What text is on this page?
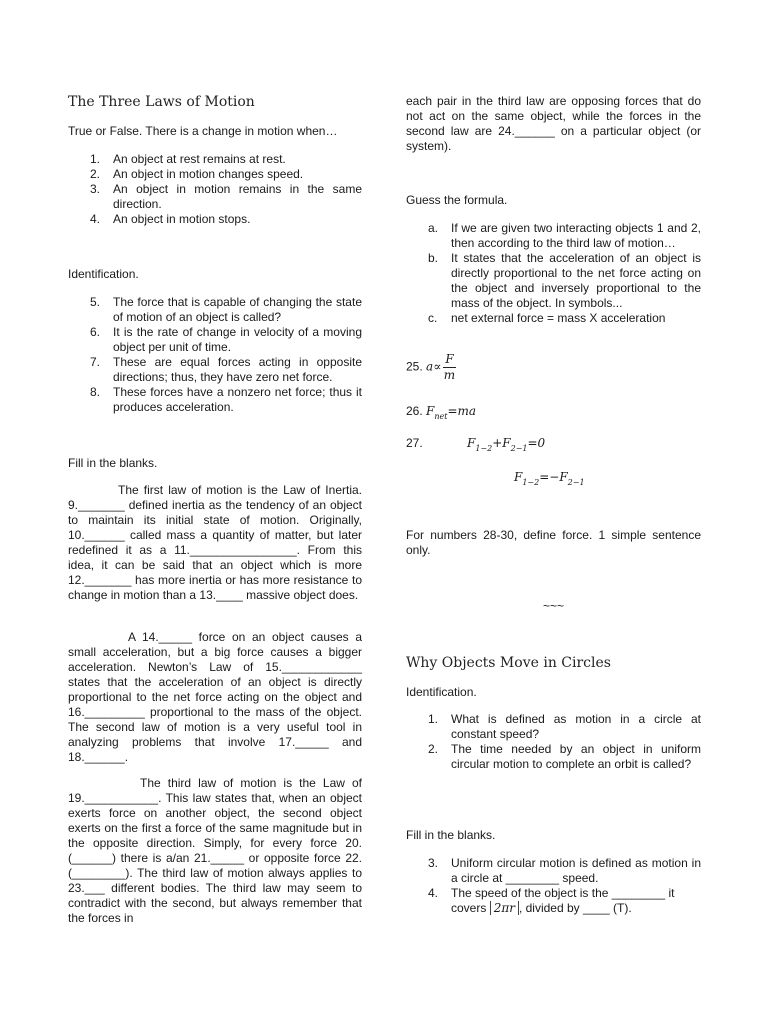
The Three Laws of Motion
True or False. There is a change in motion when…
1. An object at rest remains at rest.
2. An object in motion changes speed.
3. An object in motion remains in the same direction.
4. An object in motion stops.
Identification.
5. The force that is capable of changing the state of motion of an object is called?
6. It is the rate of change in velocity of a moving object per unit of time.
7. These are equal forces acting in opposite directions; thus, they have zero net force.
8. These forces have a nonzero net force; thus it produces acceleration.
Fill in the blanks.
The first law of motion is the Law of Inertia. 9._______ defined inertia as the tendency of an object to maintain its initial state of motion. Originally, 10.______ called mass a quantity of matter, but later redefined it as a 11.________________. From this idea, it can be said that an object which is more 12._______ has more inertia or has more resistance to change in motion than a 13.____ massive object does.
A 14._____ force on an object causes a small acceleration, but a big force causes a bigger acceleration. Newton’s Law of 15.____________ states that the acceleration of an object is directly proportional to the net force acting on the object and 16._________ proportional to the mass of the object. The second law of motion is a very useful tool in analyzing problems that involve 17._____ and 18.______.
The third law of motion is the Law of 19.___________. This law states that, when an object exerts force on another object, the second object exerts on the first a force of the same magnitude but in the opposite direction. Simply, for every force 20.(______) there is a/an 21._____ or opposite force 22.(________). The third law of motion always applies to 23.___ different bodies. The third law may seem to contradict with the second, but always remember that the forces in
each pair in the third law are opposing forces that do not act on the same object, while the forces in the second law are 24.______ on a particular object (or system).
Guess the formula.
a. If we are given two interacting objects 1 and 2, then according to the third law of motion…
b. It states that the acceleration of an object is directly proportional to the net force acting on the object and inversely proportional to the mass of the object. In symbols...
c. net external force = mass X acceleration
25. $a\propto \frac{F}{m}$
26. $F_{net}=ma$
27.	$F_{1-2}+F_{2-1}=0$
$F_{1-2}=-F_{2-1}$
For numbers 28-30, define force. 1 simple sentence only.
~~~
Why Objects Move in Circles
Identification.
1. What is defined as motion in a circle at constant speed?
2. The time needed by an object in uniform circular motion to complete an orbit is called?
Fill in the blanks.
3. Uniform circular motion is defined as motion in a circle at ________ speed.
4. The speed of the object is the ________ it covers 2πr , divided by ____ (T).
